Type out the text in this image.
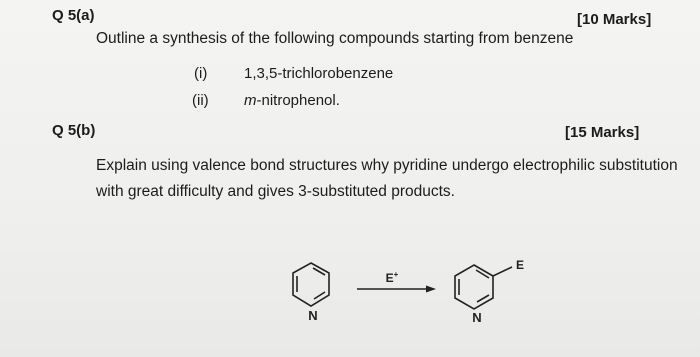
Q 5(a)	[10 Marks]
Outline a synthesis of the following compounds starting from benzene
(i) 1,3,5-trichlorobenzene
(ii) m-nitrophenol.
Q 5(b)	[15 Marks]
Explain using valence bond structures why pyridine undergo electrophilic substitution
with great difficulty and gives 3-substituted products.
N
E+
E
N
